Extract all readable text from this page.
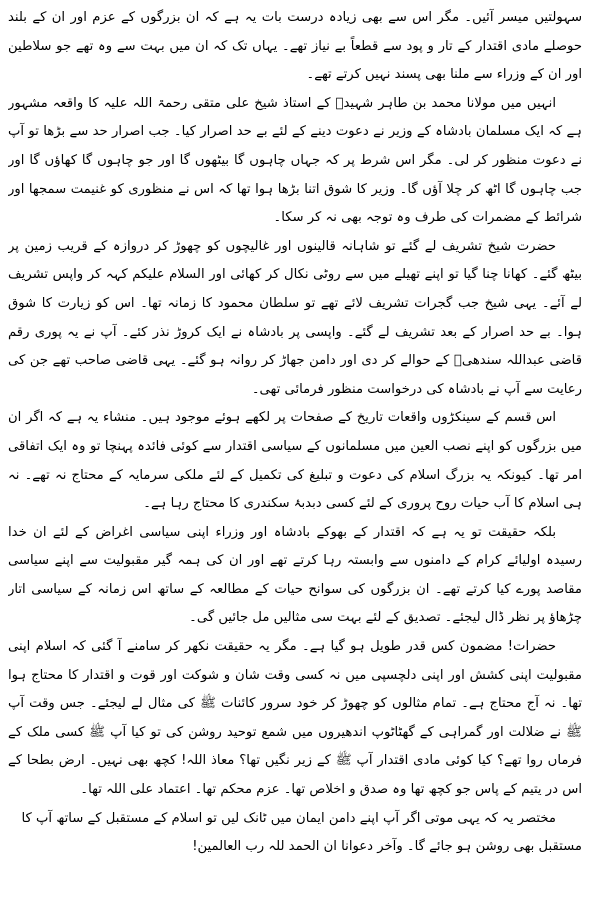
سہولتیں میسر آئیں۔ مگر اس سے بھی زیادہ درست بات یہ ہے کہ ان بزرگوں کے عزم اور ان کے بلند حوصلے مادی اقتدار کے تار و پود سے قطعاً بے نیاز تھے۔ یہاں تک کہ ان میں بہت سے وہ تھے جو سلاطین اور ان کے وزراء سے ملنا بھی پسند نہیں کرتے تھے۔

انہیں میں مولانا محمد بن طاہر شہیدؒ کے استاذ شیخ علی متقی رحمۃ اللہ علیہ کا واقعہ مشہور ہے کہ ایک مسلمان بادشاہ کے وزیر نے دعوت دینے کے لئے بے حد اصرار کیا۔ جب اصرار حد سے بڑھا تو آپ نے دعوت منظور کر لی۔ مگر اس شرط پر کہ جہاں چاہوں گا بیٹھوں گا اور جو چاہوں گا کھاؤں گا اور جب چاہوں گا اٹھ کر چلا آؤں گا۔ وزیر کا شوق اتنا بڑھا ہوا تھا کہ اس نے منظوری کو غنیمت سمجھا اور شرائط کے مضمرات کی طرف وہ توجہ بھی نہ کر سکا۔

حضرت شیخ تشریف لے گئے تو شاہانہ قالینوں اور غالیچوں کو چھوڑ کر دروازہ کے قریب زمین پر بیٹھ گئے۔ کھانا چنا گیا تو اپنے تھیلے میں سے روٹی نکال کر کھائی اور السلام علیکم کہہ کر واپس تشریف لے آئے۔ یہی شیخ جب گجرات تشریف لائے تھے تو سلطان محمود کا زمانہ تھا۔ اس کو زیارت کا شوق ہوا۔ بے حد اصرار کے بعد تشریف لے گئے۔ واپسی پر بادشاہ نے ایک کروڑ نذر کئے۔ آپ نے یہ پوری رقم قاضی عبداللہ سندھیؒ کے حوالے کر دی اور دامن جھاڑ کر روانہ ہو گئے۔ یہی قاضی صاحب تھے جن کی رعایت سے آپ نے بادشاہ کی درخواست منظور فرمائی تھی۔

اس قسم کے سینکڑوں واقعات تاریخ کے صفحات پر لکھے ہوئے موجود ہیں۔ منشاء یہ ہے کہ اگر ان میں بزرگوں کو اپنے نصب العین میں مسلمانوں کے سیاسی اقتدار سے کوئی فائدہ پہنچا تو وہ ایک اتفاقی امر تھا۔ کیونکہ یہ بزرگ اسلام کی دعوت و تبلیغ کی تکمیل کے لئے ملکی سرمایہ کے محتاج نہ تھے۔ نہ ہی اسلام کا آب حیات روح پروری کے لئے کسی دبدبۂ سکندری کا محتاج رہا ہے۔

بلکہ حقیقت تو یہ ہے کہ اقتدار کے بھوکے بادشاہ اور وزراء اپنی سیاسی اغراض کے لئے ان خدا رسیدہ اولیائے کرام کے دامنوں سے وابستہ رہا کرتے تھے اور ان کی ہمہ گیر مقبولیت سے اپنے سیاسی مقاصد پورے کیا کرتے تھے۔ ان بزرگوں کی سوانح حیات کے مطالعہ کے ساتھ اس زمانہ کے سیاسی اتار چڑھاؤ پر نظر ڈال لیجئے۔ تصدیق کے لئے بہت سی مثالیں مل جائیں گی۔

حضرات! مضمون کس قدر طویل ہو گیا ہے۔ مگر یہ حقیقت نکھر کر سامنے آ گئی کہ اسلام اپنی مقبولیت اپنی کشش اور اپنی دلچسپی میں نہ کسی وقت شان و شوکت اور قوت و اقتدار کا محتاج ہوا تھا۔ نہ آج محتاج ہے۔ تمام مثالوں کو چھوڑ کر خود سرور کائنات ﷺ کی مثال لے لیجئے۔ جس وقت آپ ﷺ نے ضلالت اور گمراہی کے گھٹاٹوپ اندھیروں میں شمع توحید روشن کی تو کیا آپ ﷺ کسی ملک کے فرماں روا تھے؟ کیا کوئی مادی اقتدار آپ ﷺ کے زیر نگیں تھا؟ معاذ اللہ! کچھ بھی نہیں۔ ارض بطحا کے اس در یتیم کے پاس جو کچھ تھا وہ صدق و اخلاص تھا۔ عزم محکم تھا۔ اعتماد علی اللہ تھا۔

مختصر یہ کہ یہی موتی اگر آپ اپنے دامن ایمان میں ٹانک لیں تو اسلام کے مستقبل کے ساتھ آپ کا مستقبل بھی روشن ہو جائے گا۔ وآخر دعوانا ان الحمد للہ رب العالمین!
